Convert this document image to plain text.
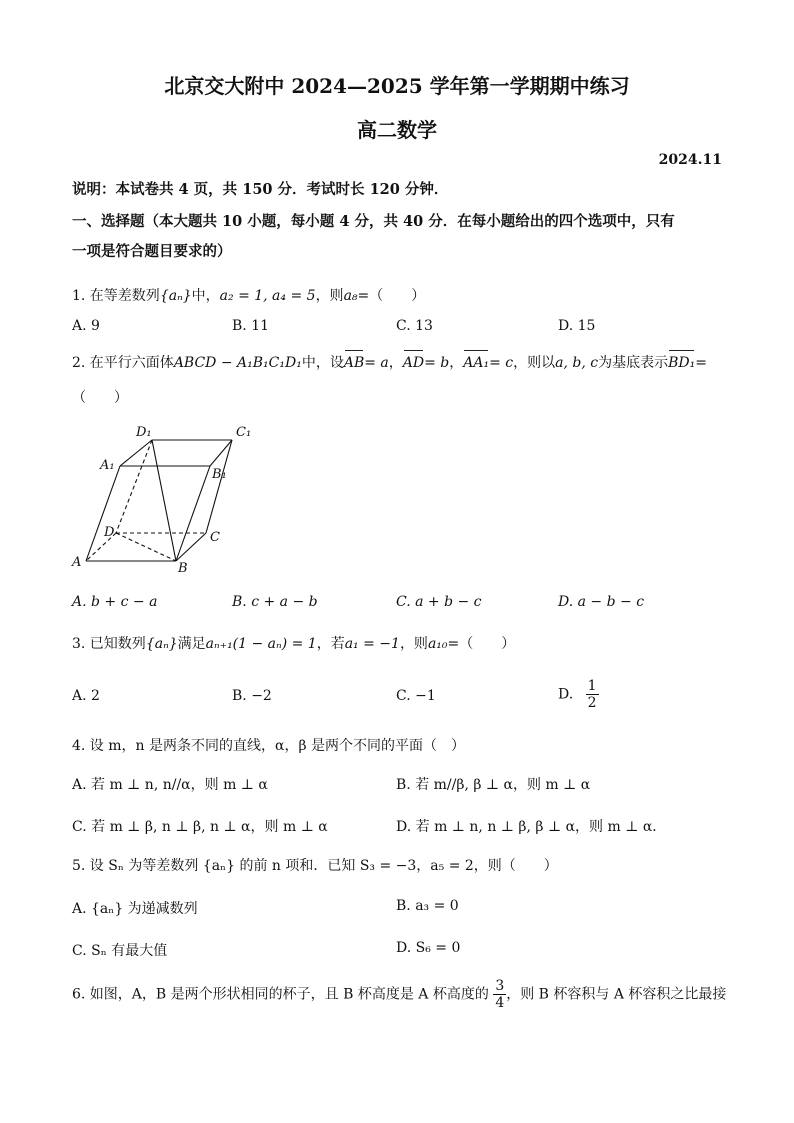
北京交大附中 2024—2025 学年第一学期期中练习
高二数学
2024.11
说明：本试卷共 4 页，共 150 分．考试时长 120 分钟．
一、选择题（本大题共 10 小题，每小题 4 分，共 40 分．在每小题给出的四个选项中，只有
一项是符合题目要求的）
1. 在等差数列{aₙ}中，a₂ = 1, a₄ = 5，则a₈=（　　）
A. 9	B. 11	C. 13	D. 15
2. 在平行六面体ABCD − A₁B₁C₁D₁中，设AB= a，AD= b，AA₁= c，则以a, b, c为基底表示BD₁=
（　　）
D₁	C₁
A₁
B₁
D	C
A	B
A. b + c − a	B. c + a − b	C. a + b − c	D. a − b − c
3. 已知数列{aₙ}满足aₙ₊₁(1 − aₙ) = 1，若a₁ = −1，则a₁₀=（　　）
A. 2	B. −2	C. −1	D. $\frac{1}{2}$
4. 设 m，n 是两条不同的直线，α，β 是两个不同的平面（　）
A. 若 m ⊥ n, n//α，则 m ⊥ α	B. 若 m//β, β ⊥ α，则 m ⊥ α
C. 若 m ⊥ β, n ⊥ β, n ⊥ α，则 m ⊥ α	D. 若 m ⊥ n, n ⊥ β, β ⊥ α，则 m ⊥ α．
5. 设 Sₙ 为等差数列 {aₙ} 的前 n 项和．已知 S₃ = −3，a₅ = 2，则（　　）
A. {aₙ} 为递减数列	B. a₃ = 0
C. Sₙ 有最大值	D. S₆ = 0
6. 如图，A，B 是两个形状相同的杯子，且 B 杯高度是 A 杯高度的 $\frac{3}{4}$ ，则 B 杯容积与 A 杯容积之比最接
